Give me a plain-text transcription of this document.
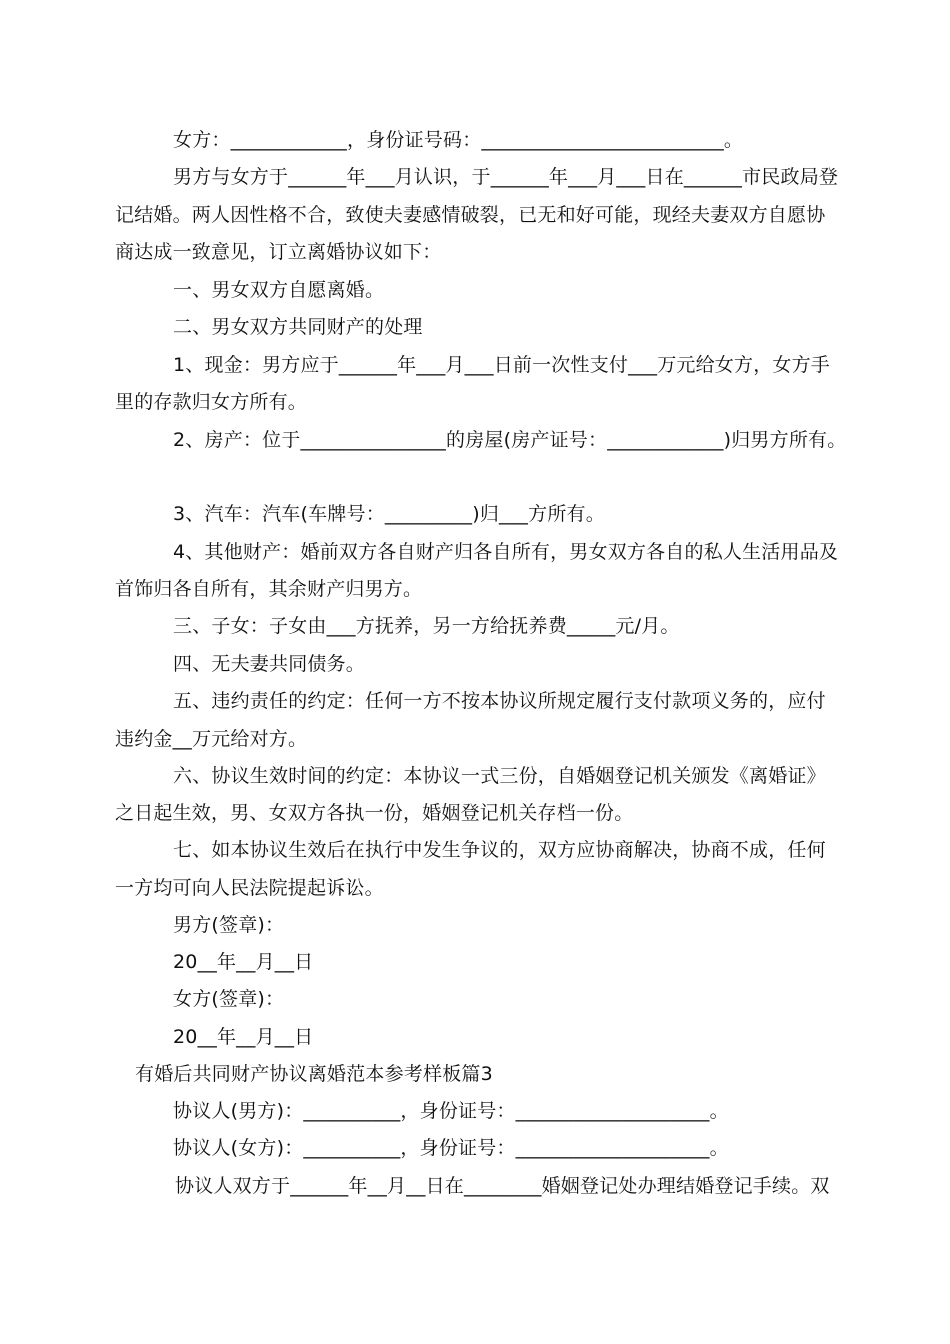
女方：____________，身份证号码：_________________________。
男方与女方于______年___月认识，于______年___月___日在______市民政局登
记结婚。两人因性格不合，致使夫妻感情破裂，已无和好可能，现经夫妻双方自愿协
商达成一致意见，订立离婚协议如下：
一、男女双方自愿离婚。
二、男女双方共同财产的处理
1、现金：男方应于______年___月___日前一次性支付___万元给女方，女方手
里的存款归女方所有。
2、房产：位于_______________的房屋(房产证号：____________)归男方所有。
3、汽车：汽车(车牌号：_________)归___方所有。
4、其他财产：婚前双方各自财产归各自所有，男女双方各自的私人生活用品及
首饰归各自所有，其余财产归男方。
三、子女：子女由___方抚养，另一方给抚养费_____元/月。
四、无夫妻共同债务。
五、违约责任的约定：任何一方不按本协议所规定履行支付款项义务的，应付
违约金__万元给对方。
六、协议生效时间的约定：本协议一式三份，自婚姻登记机关颁发《离婚证》
之日起生效，男、女双方各执一份，婚姻登记机关存档一份。
七、如本协议生效后在执行中发生争议的，双方应协商解决，协商不成，任何
一方均可向人民法院提起诉讼。
男方(签章)：
20__年__月__日
女方(签章)：
20__年__月__日
有婚后共同财产协议离婚范本参考样板篇3
协议人(男方)：__________，身份证号：____________________。
协议人(女方)：__________，身份证号：____________________。
协议人双方于______年__月__日在________婚姻登记处办理结婚登记手续。双
